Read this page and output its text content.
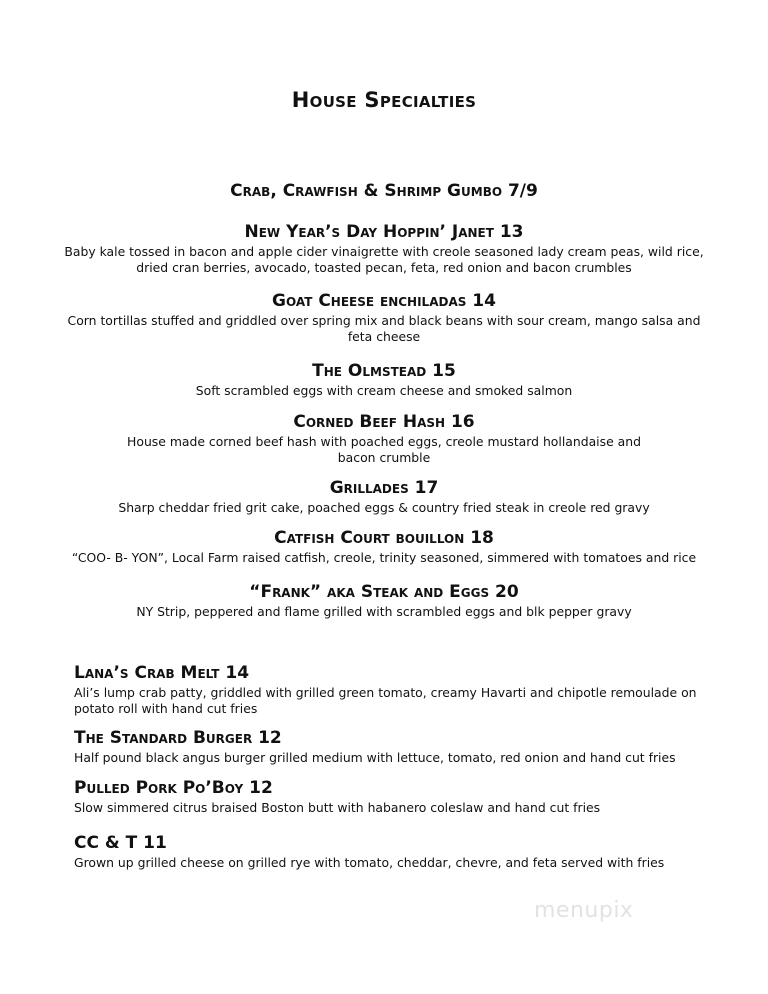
House Specialties

Crab, Crawfish & Shrimp Gumbo 7/9

New Year’s Day Hoppin’ Janet 13

Baby kale tossed in bacon and apple cider vinaigrette with creole seasoned lady cream peas, wild rice, dried cran berries, avocado, toasted pecan, feta, red onion and bacon crumbles

Goat Cheese enchiladas 14

Corn tortillas stuffed and griddled over spring mix and black beans with sour cream, mango salsa and feta cheese

The Olmstead 15

Soft scrambled eggs with cream cheese and smoked salmon

Corned Beef Hash 16

House made corned beef hash with poached eggs, creole mustard hollandaise and bacon crumble

Grillades 17

Sharp cheddar fried grit cake, poached eggs & country fried steak in creole red gravy

Catfish Court bouillon 18

“COO- B- YON”, Local Farm raised catfish, creole, trinity seasoned, simmered with tomatoes and rice

“Frank” aka Steak and Eggs 20

NY Strip, peppered and flame grilled with scrambled eggs and blk pepper gravy

Lana’s Crab Melt 14

Ali’s lump crab patty, griddled with grilled green tomato, creamy Havarti and chipotle remoulade on potato roll with hand cut fries

The Standard Burger 12

Half pound black angus burger grilled medium with lettuce, tomato, red onion and hand cut fries

Pulled Pork Po’Boy 12

Slow simmered citrus braised Boston butt with habanero coleslaw and hand cut fries

CC & T 11

Grown up grilled cheese on grilled rye with tomato, cheddar, chevre, and feta served with fries

menupix
